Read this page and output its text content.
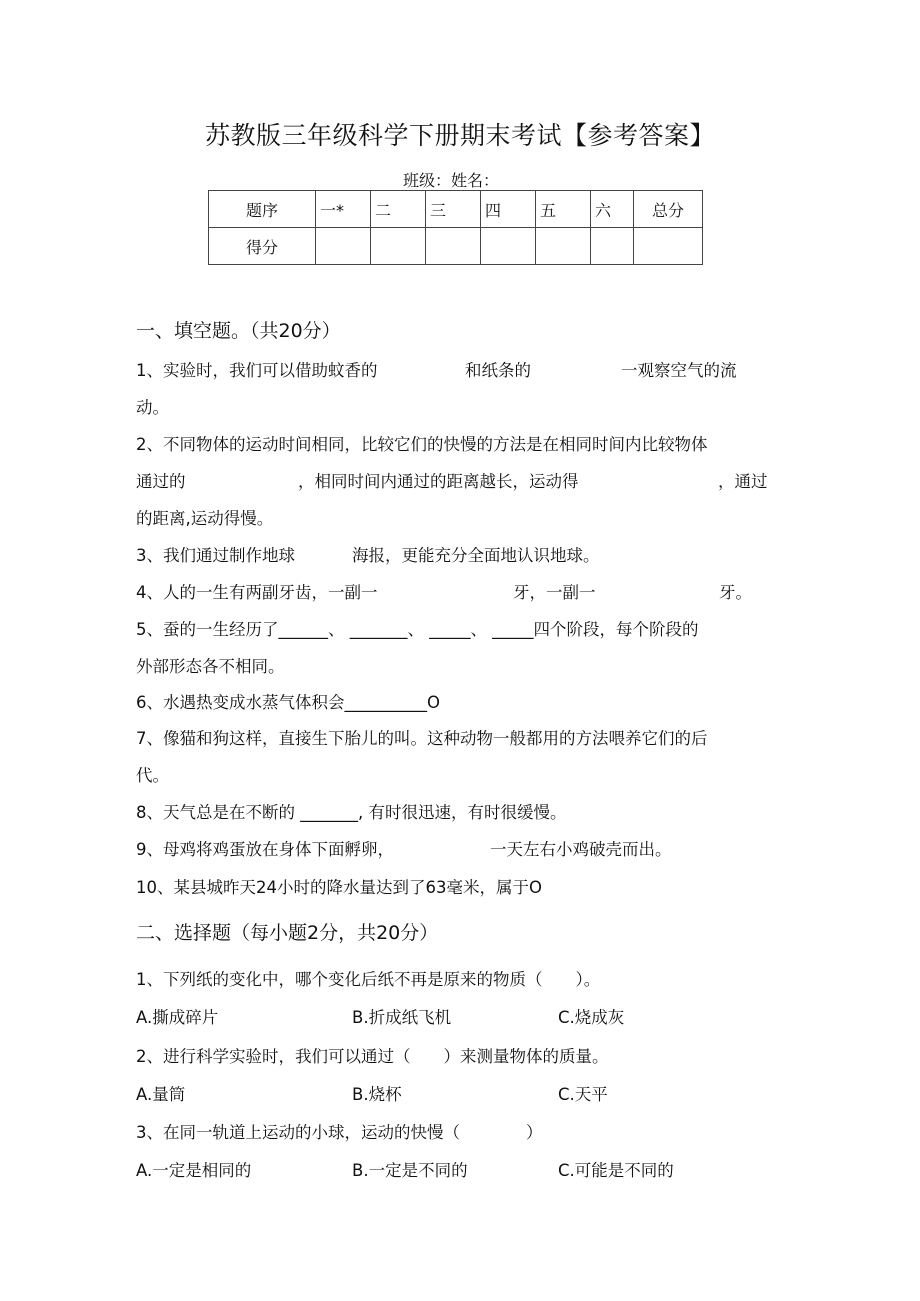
苏教版三年级科学下册期末考试【参考答案】
班级：姓名：
题序	一*	二	三	四	五	六	总分
得分							
一、填空题。（共20分）
1、实验时，我们可以借助蚊香的	和纸条的	一观察空气的流
动。
2、不同物体的运动时间相同，比较它们的快慢的方法是在相同时间内比较物体
通过的	，相同时间内通过的距离越长，运动得	，通过
的距离,运动得慢。
3、我们通过制作地球	海报，更能充分全面地认识地球。
4、人的一生有两副牙齿，一副一	牙，一副一	牙。
5、蚕的一生经历了______、 _______、 _____、 _____四个阶段，每个阶段的
外部形态各不相同。
6、水遇热变成水蒸气体积会__________O
7、像猫和狗这样，直接生下胎儿的叫。这种动物一般都用的方法喂养它们的后
代。
8、天气总是在不断的 _______, 有时很迅速，有时很缓慢。
9、母鸡将鸡蛋放在身体下面孵卵，	一天左右小鸡破壳而出。
10、某县城昨天24小时的降水量达到了63毫米，属于O
二、选择题（每小题2分，共20分）
1、下列纸的变化中，哪个变化后纸不再是原来的物质（　　）。
A.撕成碎片	B.折成纸飞机	C.烧成灰
2、进行科学实验时，我们可以通过（　　）来测量物体的质量。
A.量筒	B.烧杯	C.天平
3、在同一轨道上运动的小球，运动的快慢（　　　　）
A.一定是相同的	B.一定是不同的	C.可能是不同的
